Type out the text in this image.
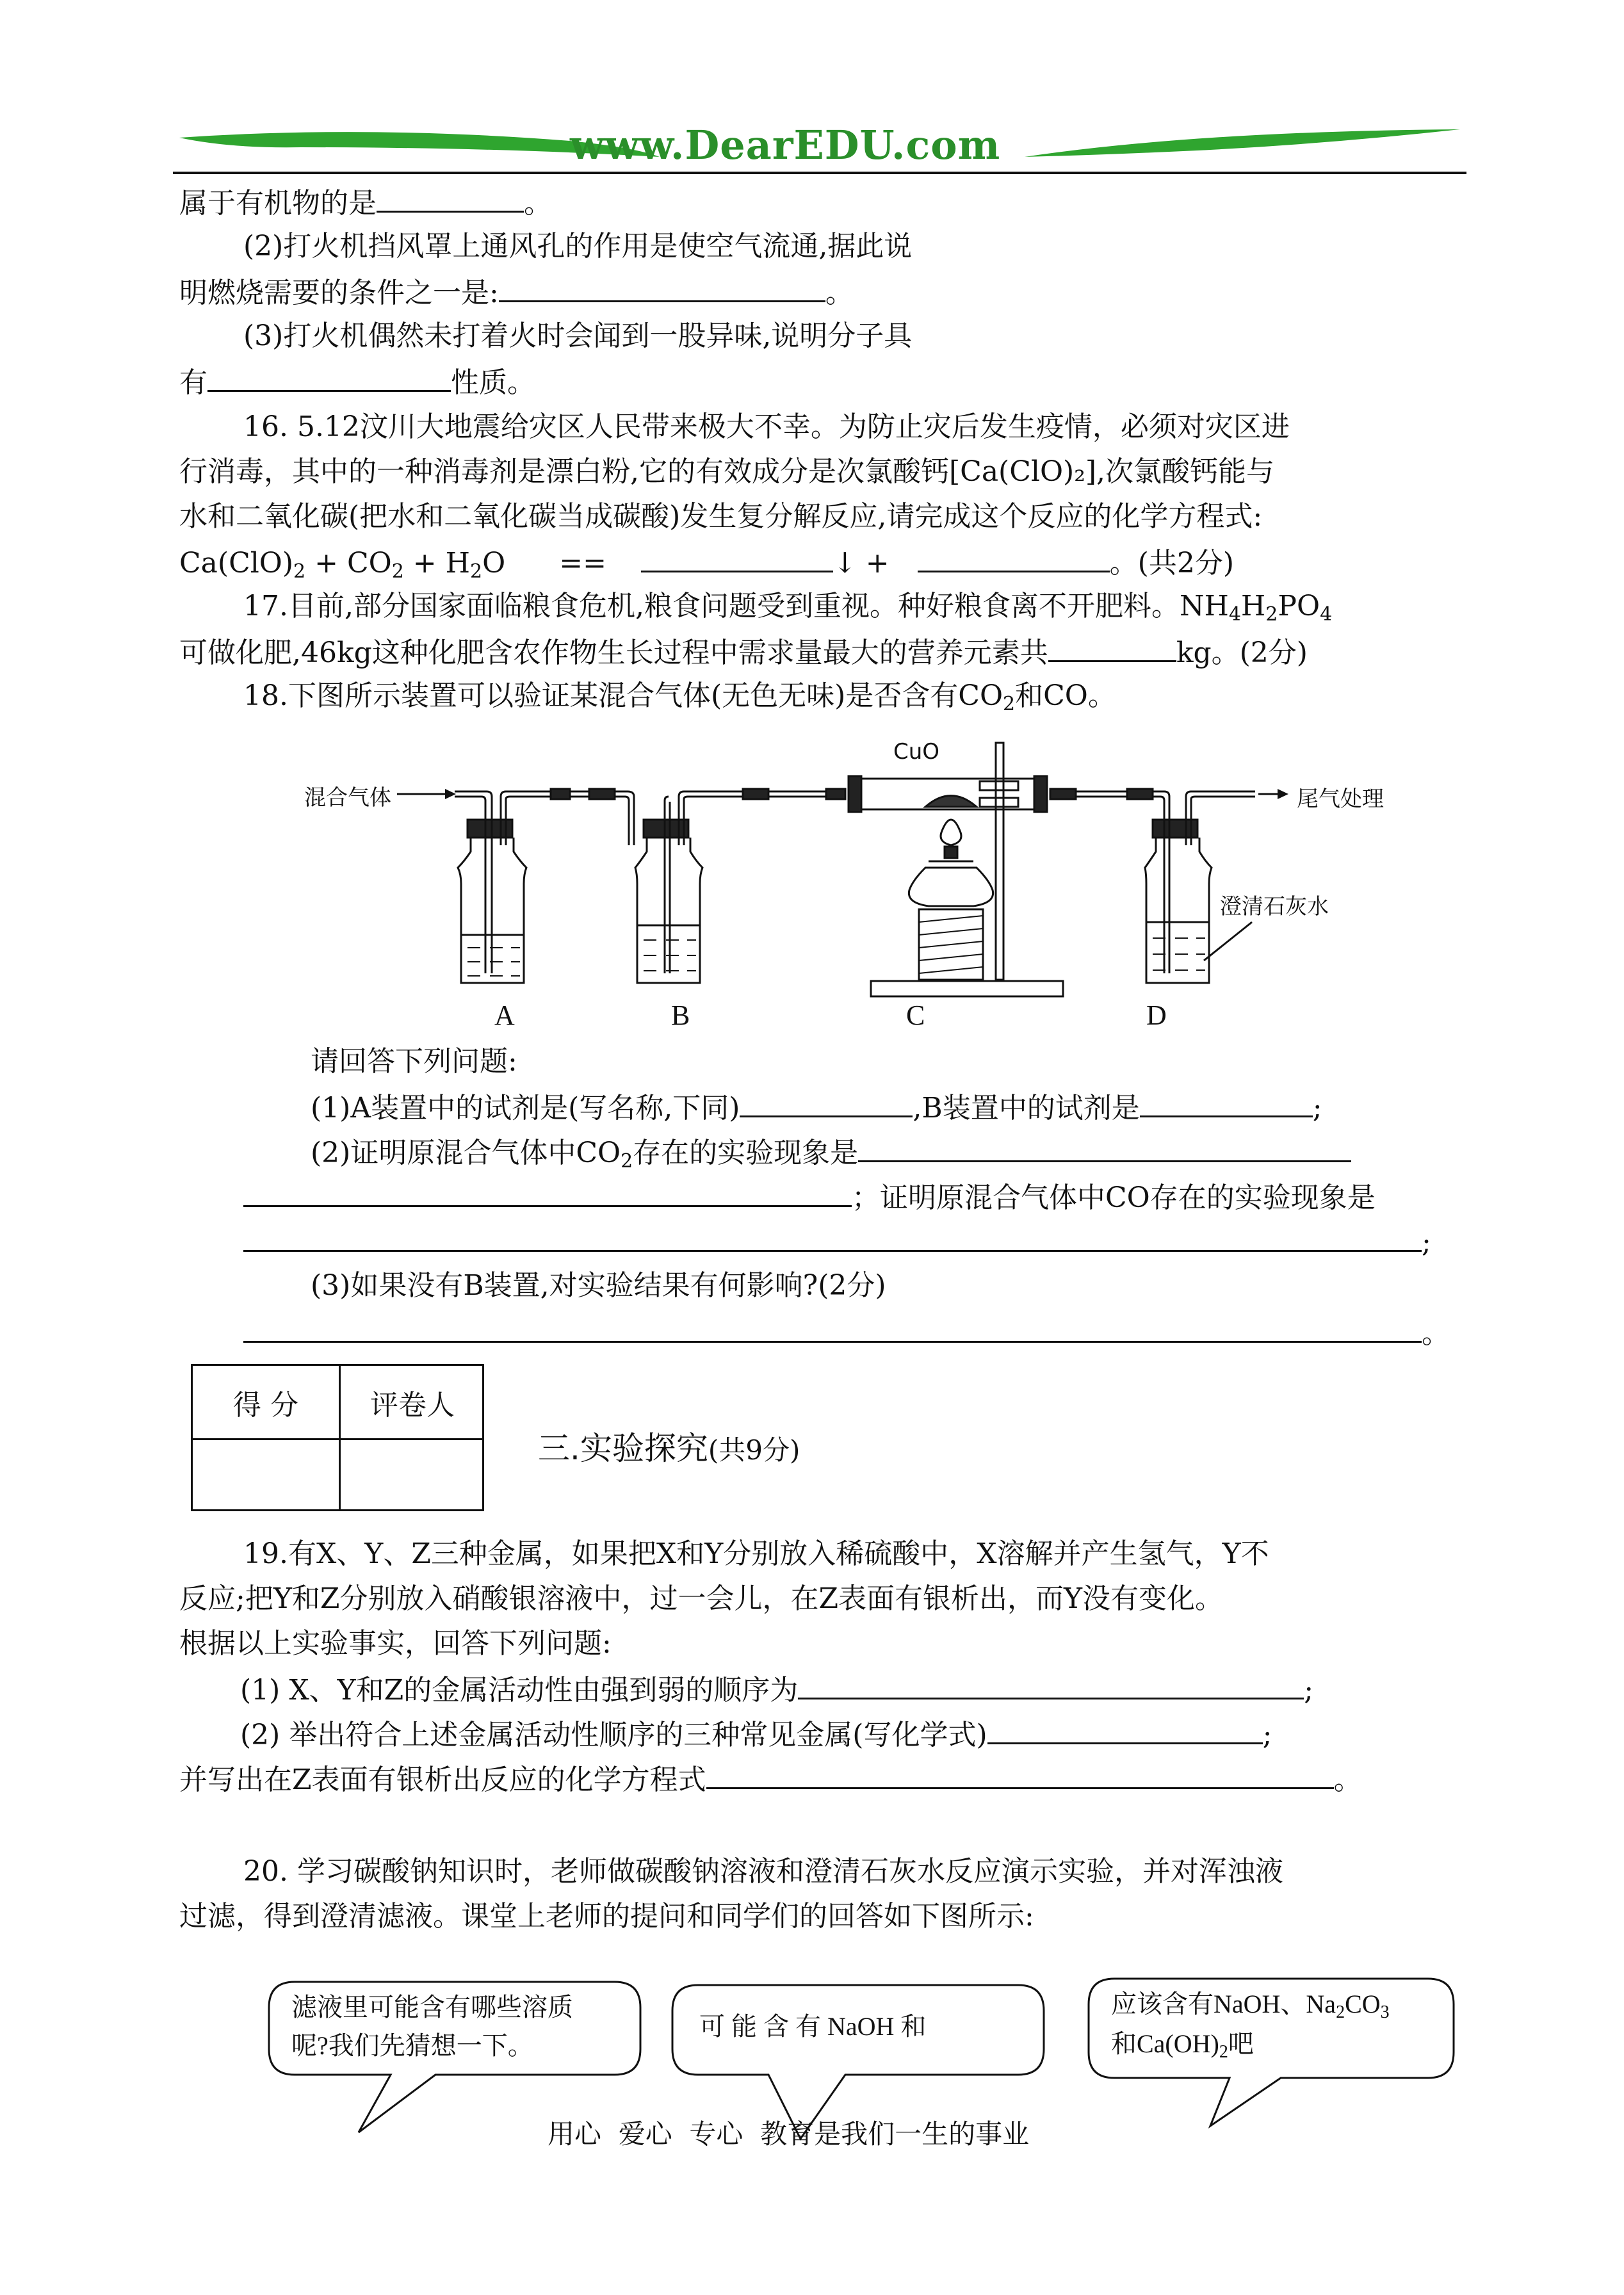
www.DearEDU.com
属于有机物的是	。
(2)打火机挡风罩上通风孔的作用是使空气流通,据此说
明燃烧需要的条件之一是:	。
(3)打火机偶然未打着火时会闻到一股异味,说明分子具
有	性质。
16. 5.12汶川大地震给灾区人民带来极大不幸。为防止灾后发生疫情，必须对灾区进
行消毒，其中的一种消毒剂是漂白粉,它的有效成分是次氯酸钙[Ca(ClO)₂],次氯酸钙能与
水和二氧化碳(把水和二氧化碳当成碳酸)发生复分解反应,请完成这个反应的化学方程式:
$Ca(ClO)_2 + CO_2 + H_2O$ ==	↓ +	。(共2分)
17.目前,部分国家面临粮食危机,粮食问题受到重视。种好粮食离不开肥料。$NH_4H_2PO_4$
可做化肥,46kg这种化肥含农作物生长过程中需求量最大的营养元素共	kg。(2分)
18.下图所示装置可以验证某混合气体(无色无味)是否含有$CO_2$和CO。
混合气体
CuO
尾气处理
澄清石灰水
A	B	C	D
请回答下列问题:
(1)A装置中的试剂是(写名称,下同)	,B装置中的试剂是	;
(2)证明原混合气体中$CO_2$存在的实验现象是
；证明原混合气体中CO存在的实验现象是
;
(3)如果没有B装置,对实验结果有何影响?(2分)
。
得 分	评卷人
三.实验探究(共9分)
19.有X、Y、Z三种金属，如果把X和Y分别放入稀硫酸中，X溶解并产生氢气，Y不
反应;把Y和Z分别放入硝酸银溶液中，过一会儿，在Z表面有银析出，而Y没有变化。
根据以上实验事实，回答下列问题:
(1) X、Y和Z的金属活动性由强到弱的顺序为	;
(2) 举出符合上述金属活动性顺序的三种常见金属(写化学式)	;
并写出在Z表面有银析出反应的化学方程式	。
20. 学习碳酸钠知识时，老师做碳酸钠溶液和澄清石灰水反应演示实验，并对浑浊液
过滤，得到澄清滤液。课堂上老师的提问和同学们的回答如下图所示:
滤液里可能含有哪些溶质
呢?我们先猜想一下。
可 能 含 有 NaOH 和
应该含有NaOH、$Na_2CO_3$
和$Ca(OH)_2$吧
用心  爱心  专心  教育是我们一生的事业
